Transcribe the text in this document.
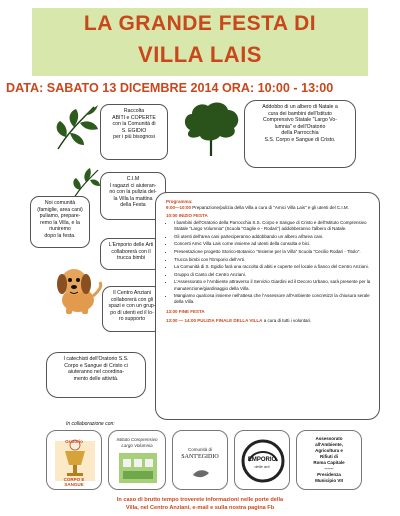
LA GRANDE FESTA DI
VILLA LAIS
DATA: SABATO 13 DICEMBRE 2014 ORA: 10:00 - 13:00
Raccolta
ABITI e COPERTE
con la Comunità di
S. EGIDIO
per i più bisognosi
Addobbo di un albero di Natale a
cura dei bambini dell'Istituto
Comprensivo Statale "Largo Vo-
lumnia" e dell'Oratorio
della Parrocchia
S.S. Corpo e Sangue di Cristo.
Noi comunità
(famiglie, area cani)
puliamo, prepare-
remo la Villa, e la
riuniremo
dopo la festa.
C.I.M
I ragazzi ci aiuteran-
no con la pulizia del-
la Villa la mattina
della Festa
L'Emporio delle Arti
collaborerà con il
trucca bimbi
Il Centro Anziani
collaborerà con gli
spazi e con un grup-
po di utenti ed il lo-
ro supporto
I catechisti dell'Oratorio S.S.
Corpo e Sangue di Cristo ci
aiuteranno nel coordina-
mento delle attività.
Programma:
9:00—10:00 Preparazione/pulizia della Villa a cura di "Amici Villa Lais" e gli utenti del C.I.M.
10:00 INIZIO FESTA
• I bambini dell'Oratorio della Parrocchia S.S. Corpo e Sangue di Cristo e dell'Istituto Comprensivo Statale "Largo Volumnia" (Scuola "Gaglie e - Rodari") addobberanno l'albero di Natale.
• Gli utenti dell'area cani parteciperanno addobbando un albero all'area cani.
• Concerti Amic Villa Lais come insieme ad utenti della consulta e bici.
• Presentazione progetto Storico-Botanico "Insieme per la Villa" Scuola "Cecilio Rodari - Titolo".
• Trucca bimbi con l'Emporio dell'Arti.
• La Comunità di S. Egidio farà una raccolta di abiti e coperte nel locale a fianco del Centro Anziani.
• Gruppo di Canto del Centro Anziani.
• L'Assessorato e l'Ambiente attraverso il Servizio Giardini ed il Decoro Urbano, sarà presente per la manutenzione/giardinaggio della Villa.
• Mangiamo qualcosa insieme nell'attesa che l'Assessore all'Ambiente concretizzi la chiusura serale della Villa.
13:00 FINE FESTA
13:00 — 14:00 PULIZIA FINALE DELLA VILLA a cura di tutti i volontari.
In collaborazione con:
Oratorio
CORPO E
SANGUE
Istituto Comprensivo
Largo Volumnia
Comunità di
SANT'EGIDIO	EMPORIO
delle arti
Assessorato
all'Ambiente,
Agricoltura e
Rifiuti di
Roma Capitale
------
Presidenza
Municipio VII
In caso di brutto tempo troverete informazioni nelle porte della
Villa, nel Centro Anziani, e-mail e sulla nostra pagina Fb
